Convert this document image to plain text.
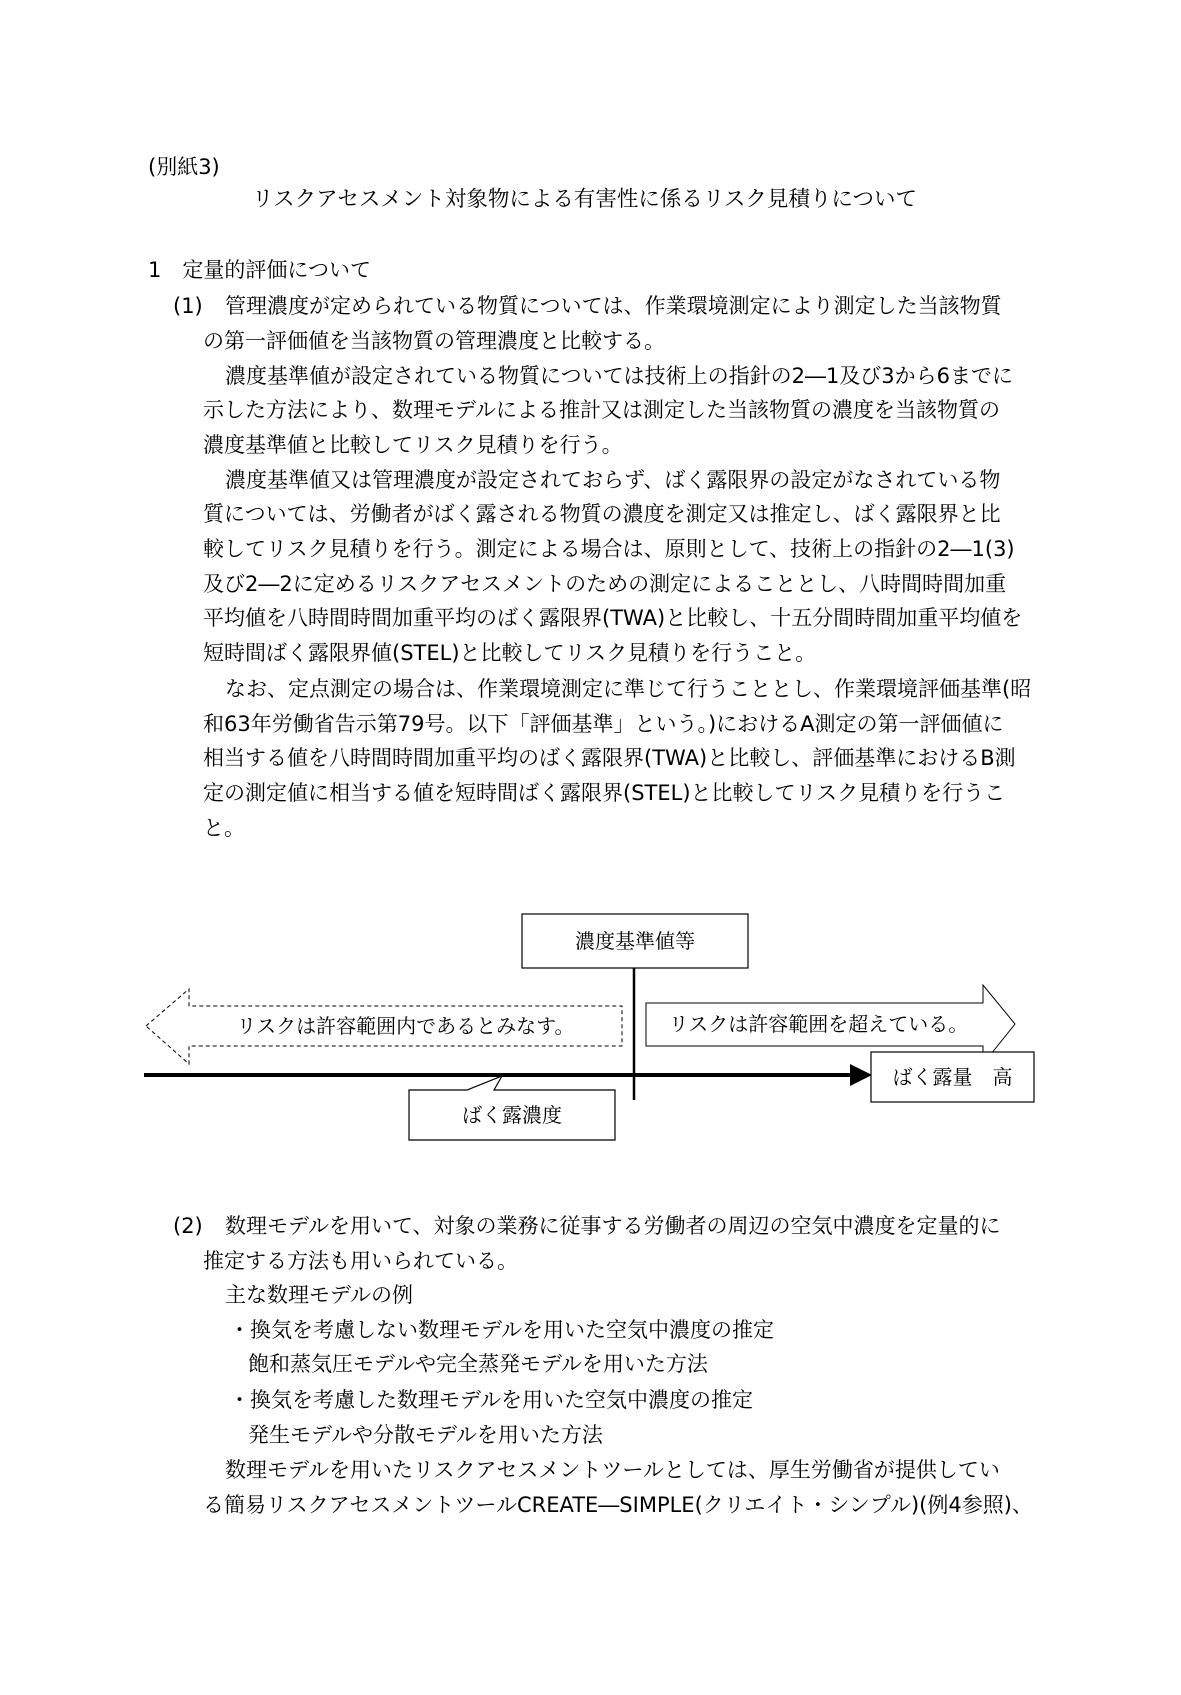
(別紙3)
リスクアセスメント対象物による有害性に係るリスク見積りについて
1　定量的評価について
(1)
(2)
管理濃度が定められている物質については、作業環境測定により測定した当該物質
の第一評価値を当該物質の管理濃度と比較する。
濃度基準値が設定されている物質については技術上の指針の2―1及び3から6までに
示した方法により、数理モデルによる推計又は測定した当該物質の濃度を当該物質の
濃度基準値と比較してリスク見積りを行う。
濃度基準値又は管理濃度が設定されておらず、ばく露限界の設定がなされている物
質については、労働者がばく露される物質の濃度を測定又は推定し、ばく露限界と比
較してリスク見積りを行う。測定による場合は、原則として、技術上の指針の2―1(3)
及び2―2に定めるリスクアセスメントのための測定によることとし、八時間時間加重
平均値を八時間時間加重平均のばく露限界(TWA)と比較し、十五分間時間加重平均値を
短時間ばく露限界値(STEL)と比較してリスク見積りを行うこと。
なお、定点測定の場合は、作業環境測定に準じて行うこととし、作業環境評価基準(昭
和63年労働省告示第79号。以下「評価基準」という。)におけるA測定の第一評価値に
相当する値を八時間時間加重平均のばく露限界(TWA)と比較し、評価基準におけるB測
定の測定値に相当する値を短時間ばく露限界(STEL)と比較してリスク見積りを行うこ
と。
数理モデルを用いて、対象の業務に従事する労働者の周辺の空気中濃度を定量的に
推定する方法も用いられている。
主な数理モデルの例
・換気を考慮しない数理モデルを用いた空気中濃度の推定
飽和蒸気圧モデルや完全蒸発モデルを用いた方法
・換気を考慮した数理モデルを用いた空気中濃度の推定
発生モデルや分散モデルを用いた方法
数理モデルを用いたリスクアセスメントツールとしては、厚生労働省が提供してい
る簡易リスクアセスメントツールCREATE―SIMPLE(クリエイト・シンプル)(例4参照)、
濃度基準値等
リスクは許容範囲内であるとみなす。	リスクは許容範囲を超えている。
ばく露量　高
ばく露濃度
